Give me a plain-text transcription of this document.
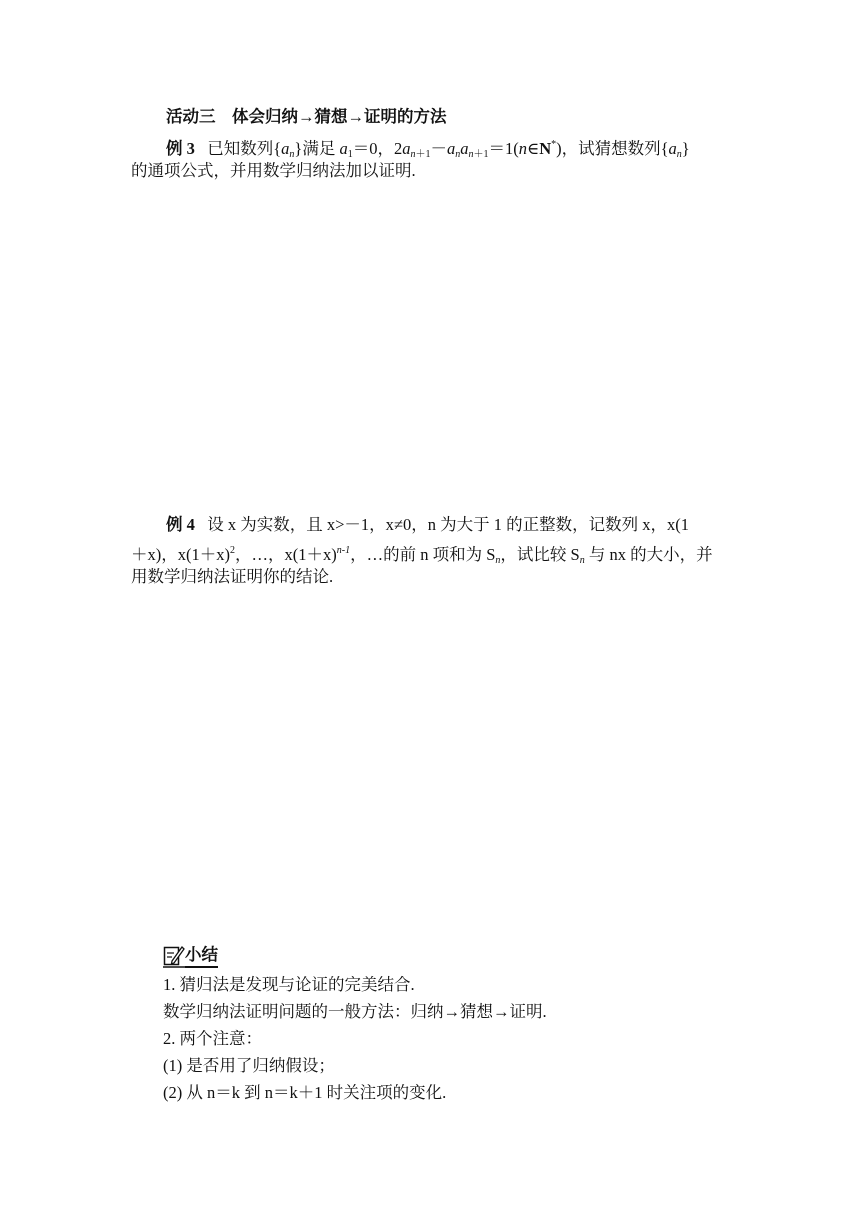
活动三　体会归纳→猜想→证明的方法
例 3 已知数列$\{a_n\}$满足 $a_1=0$，$2a_{n+1}-a_na_{n+1}=1(n\in N^*)$，试猜想数列$\{a_n\}$
的通项公式，并用数学归纳法加以证明.
例 4 设 x 为实数，且 x>－1，x≠0，n 为大于 1 的正整数，记数列 x，x(1
＋x)，$x(1+x)^2$，…，$x(1+x)^{n-1}$，…的前 n 项和为 $S_n$，试比较 $S_n$ 与 nx 的大小，并
用数学归纳法证明你的结论.
小结
1. 猜归法是发现与论证的完美结合.
数学归纳法证明问题的一般方法：归纳→猜想→证明.
2. 两个注意：
(1) 是否用了归纳假设；
(2) 从 n＝k 到 n＝k＋1 时关注项的变化.
